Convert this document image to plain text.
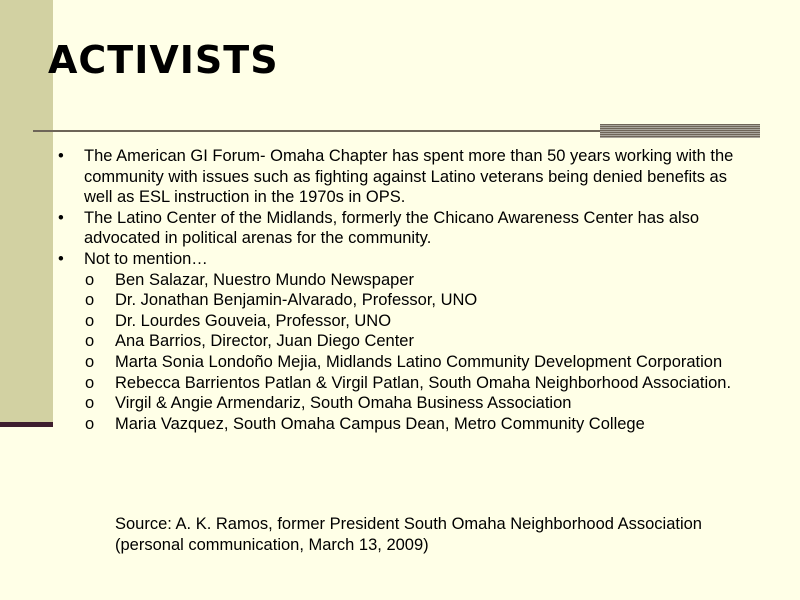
ACTIVISTS
• The American GI Forum- Omaha Chapter has spent more than 50 years working with the community with issues such as fighting against Latino veterans being denied benefits as well as ESL instruction in the 1970s in OPS.
• The Latino Center of the Midlands, formerly the Chicano Awareness Center has also advocated in political arenas for the community.
• Not to mention…
o Ben Salazar, Nuestro Mundo Newspaper
o Dr. Jonathan Benjamin-Alvarado, Professor, UNO
o Dr. Lourdes Gouveia, Professor, UNO
o Ana Barrios, Director, Juan Diego Center
o Marta Sonia Londoño Mejia, Midlands Latino Community Development Corporation
o Rebecca Barrientos Patlan & Virgil Patlan, South Omaha Neighborhood Association.
o Virgil & Angie Armendariz, South Omaha Business Association
o Maria Vazquez, South Omaha Campus Dean, Metro Community College
Source: A. K. Ramos, former President South Omaha Neighborhood Association (personal communication, March 13, 2009)
